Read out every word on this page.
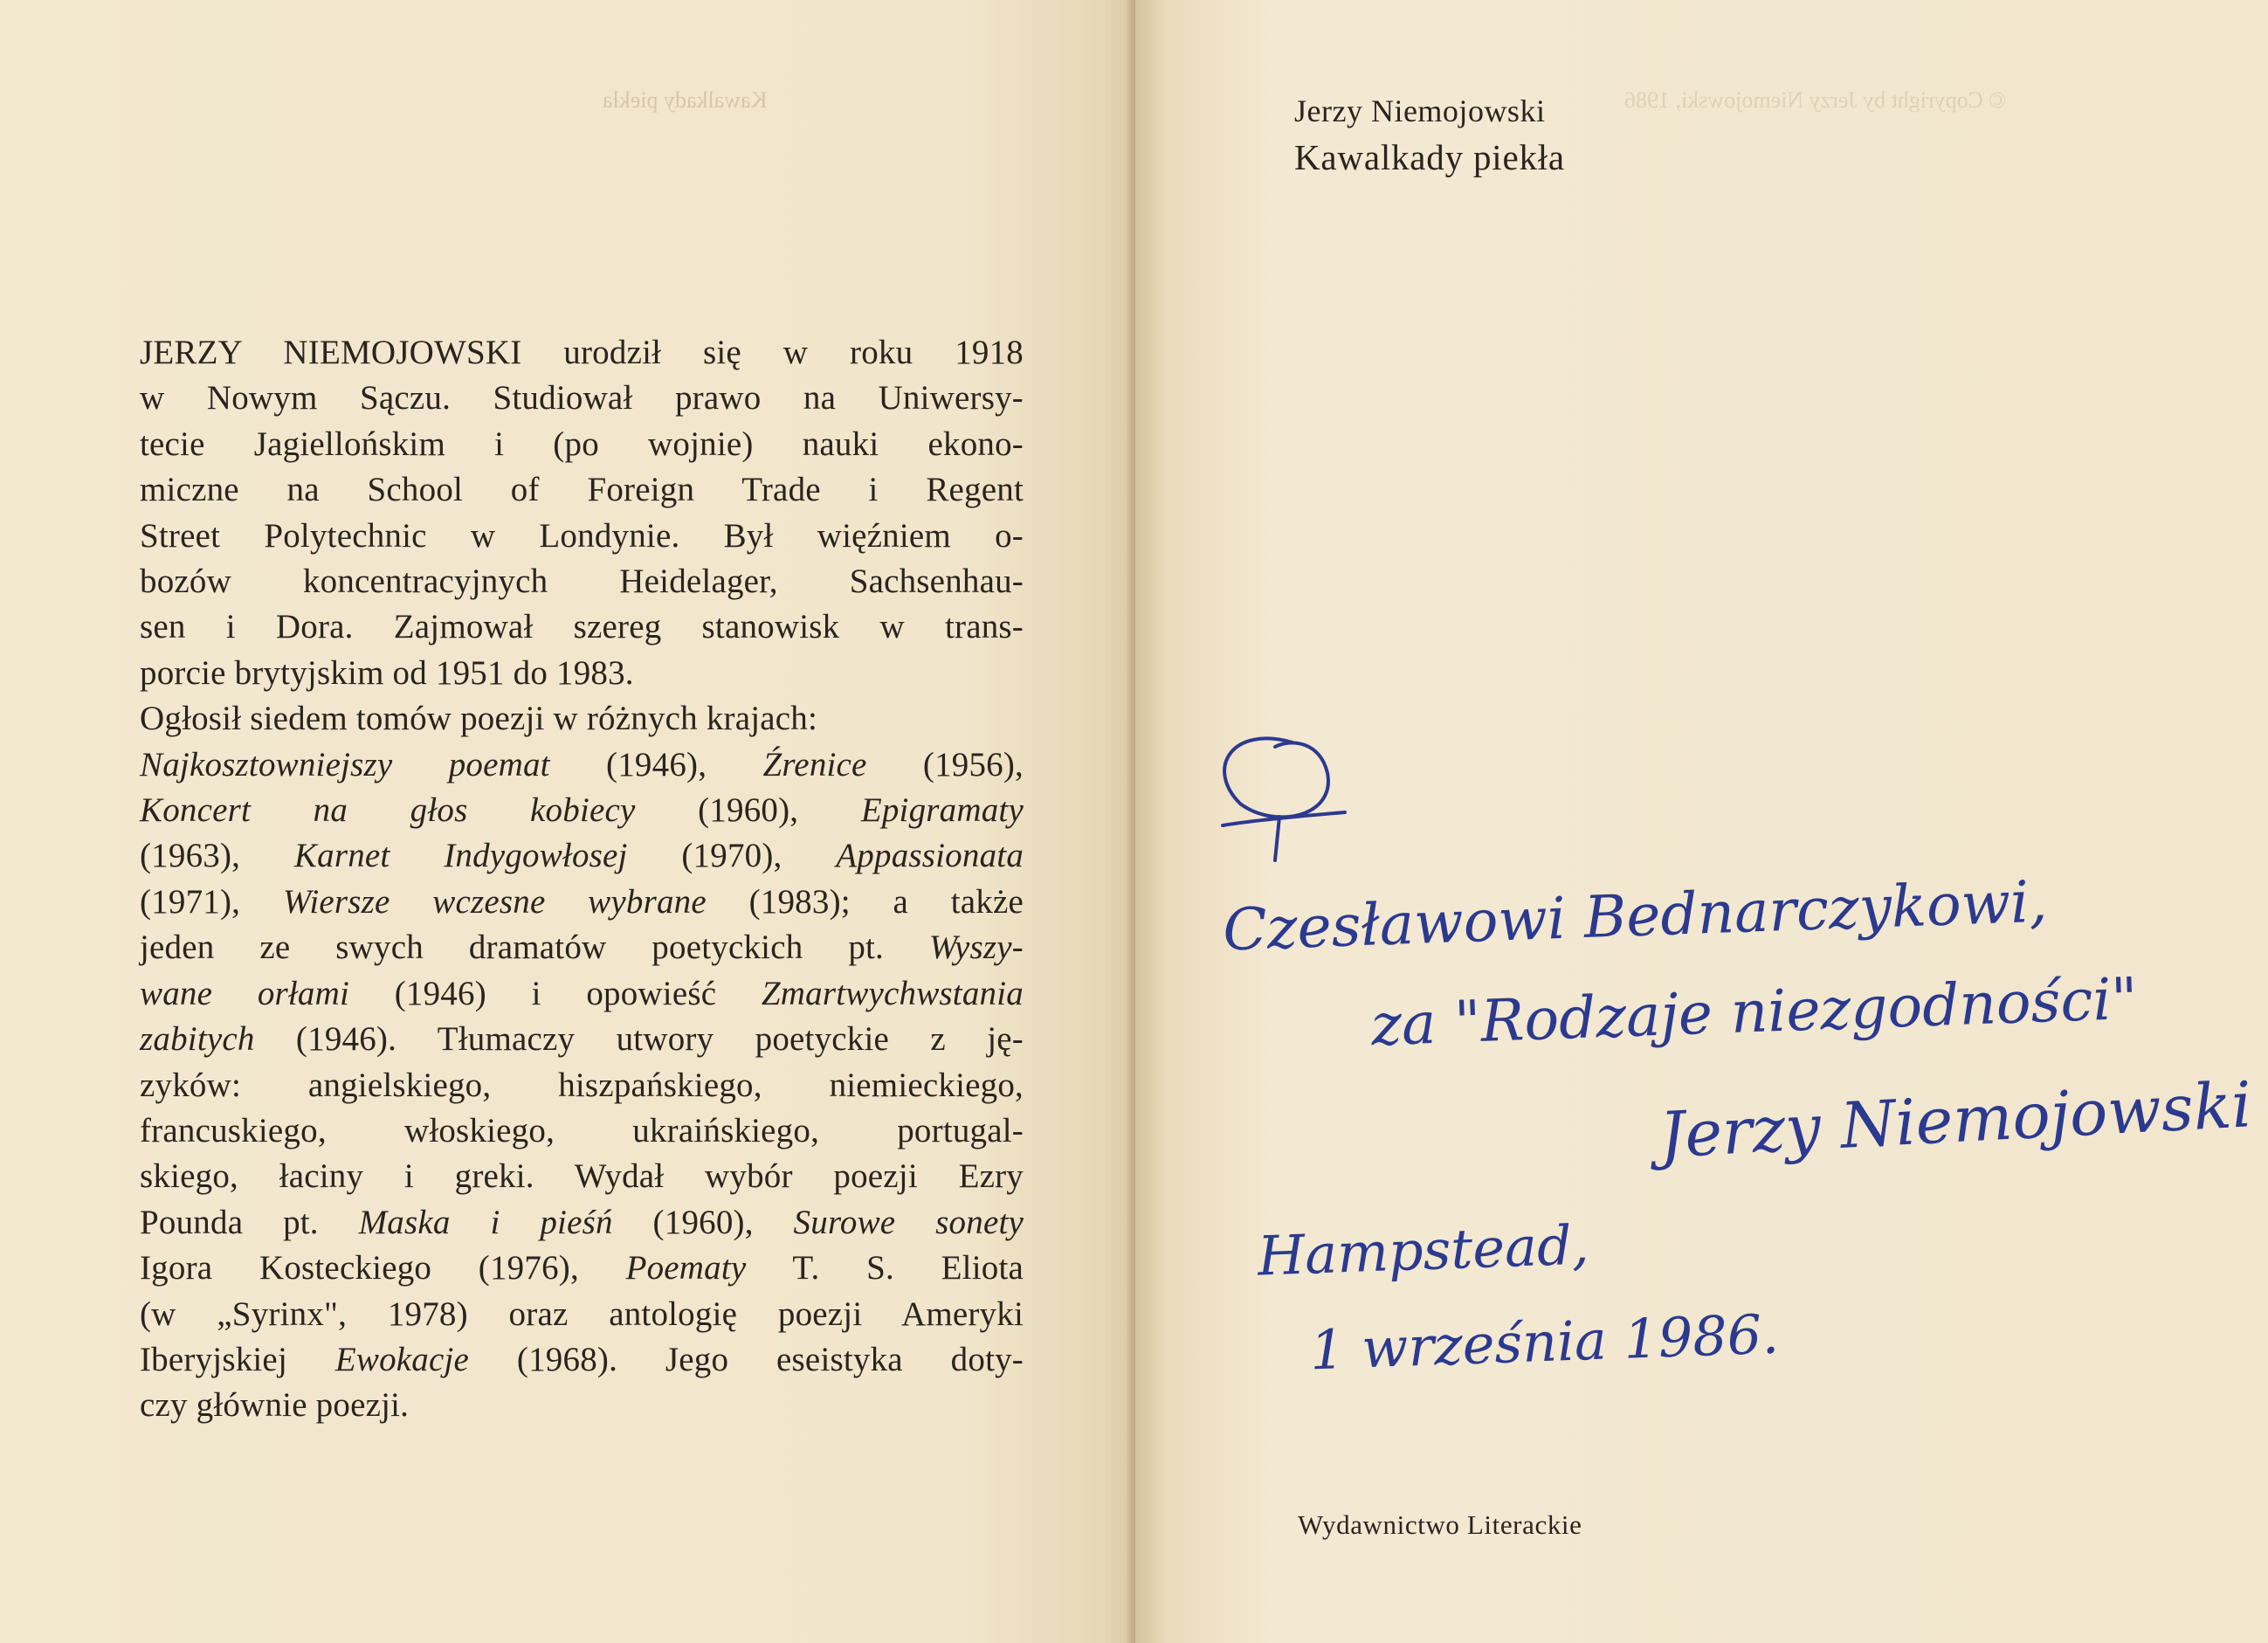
Kawalkady piekła
JERZY NIEMOJOWSKI urodził się w roku 1918
w Nowym Sączu. Studiował prawo na Uniwersy-
tecie Jagiellońskim i (po wojnie) nauki ekono-
miczne na School of Foreign Trade i Regent
Street Polytechnic w Londynie. Był więźniem o-
bozów koncentracyjnych Heidelager, Sachsenhau-
sen i Dora. Zajmował szereg stanowisk w trans-
porcie brytyjskim od 1951 do 1983.
Ogłosił siedem tomów poezji w różnych krajach:
Najkosztowniejszy poemat (1946), Źrenice (1956),
Koncert na głos kobiecy (1960), Epigramaty
(1963), Karnet Indygowłosej (1970), Appassionata
(1971), Wiersze wczesne wybrane (1983); a także
jeden ze swych dramatów poetyckich pt. Wyszy-
wane orłami (1946) i opowieść Zmartwychwstania
zabitych (1946). Tłumaczy utwory poetyckie z ję-
zyków: angielskiego, hiszpańskiego, niemieckiego,
francuskiego, włoskiego, ukraińskiego, portugal-
skiego, łaciny i greki. Wydał wybór poezji Ezry
Pounda pt. Maska i pieśń (1960), Surowe sonety
Igora Kosteckiego (1976), Poematy T. S. Eliota
(w „Syrinx", 1978) oraz antologię poezji Ameryki
Iberyjskiej Ewokacje (1968). Jego eseistyka doty-
czy głównie poezji.
© Copyright by Jerzy Niemojowski, 1986
Jerzy Niemojowski
Kawalkady piekła
Wydawnictwo Literackie
Czesławowi Bednarczykowi,
za "Rodzaje niezgodności"
Jerzy Niemojowski
Hampstead,
1 września 1986.
